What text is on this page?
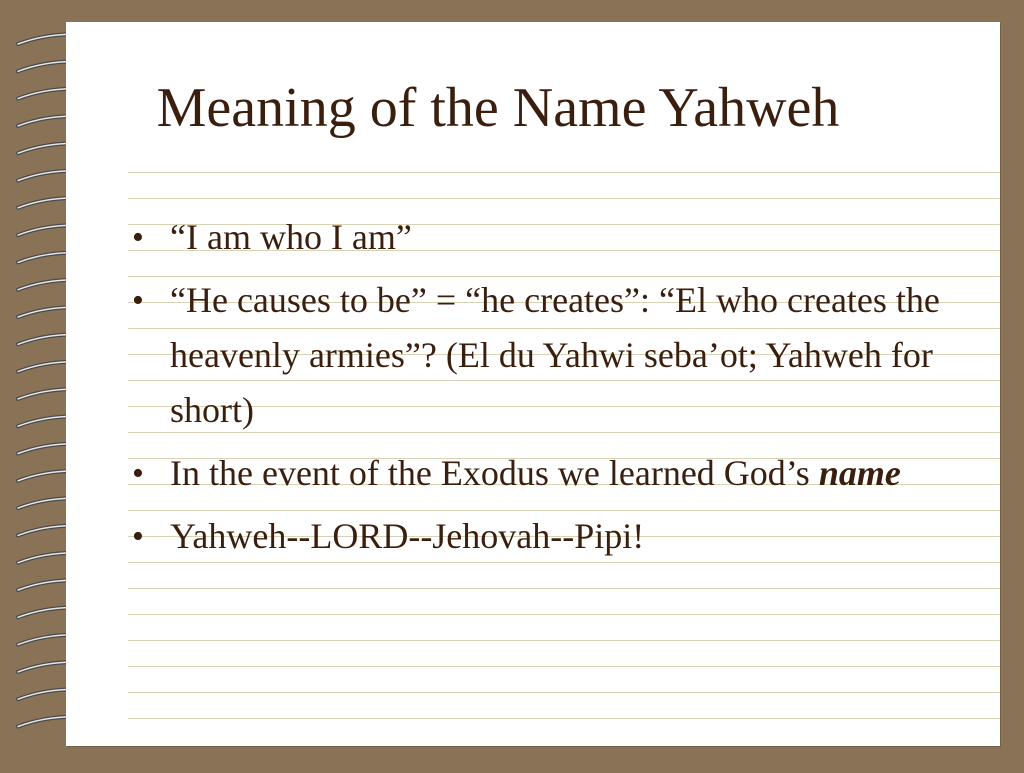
Meaning of the Name Yahweh
• “I am who I am”
• “He causes to be” = “he creates”: “El who creates the heavenly armies”? (El du Yahwi seba’ot; Yahweh for short)
• In the event of the Exodus we learned God’s name
• Yahweh--LORD--Jehovah--Pipi!
